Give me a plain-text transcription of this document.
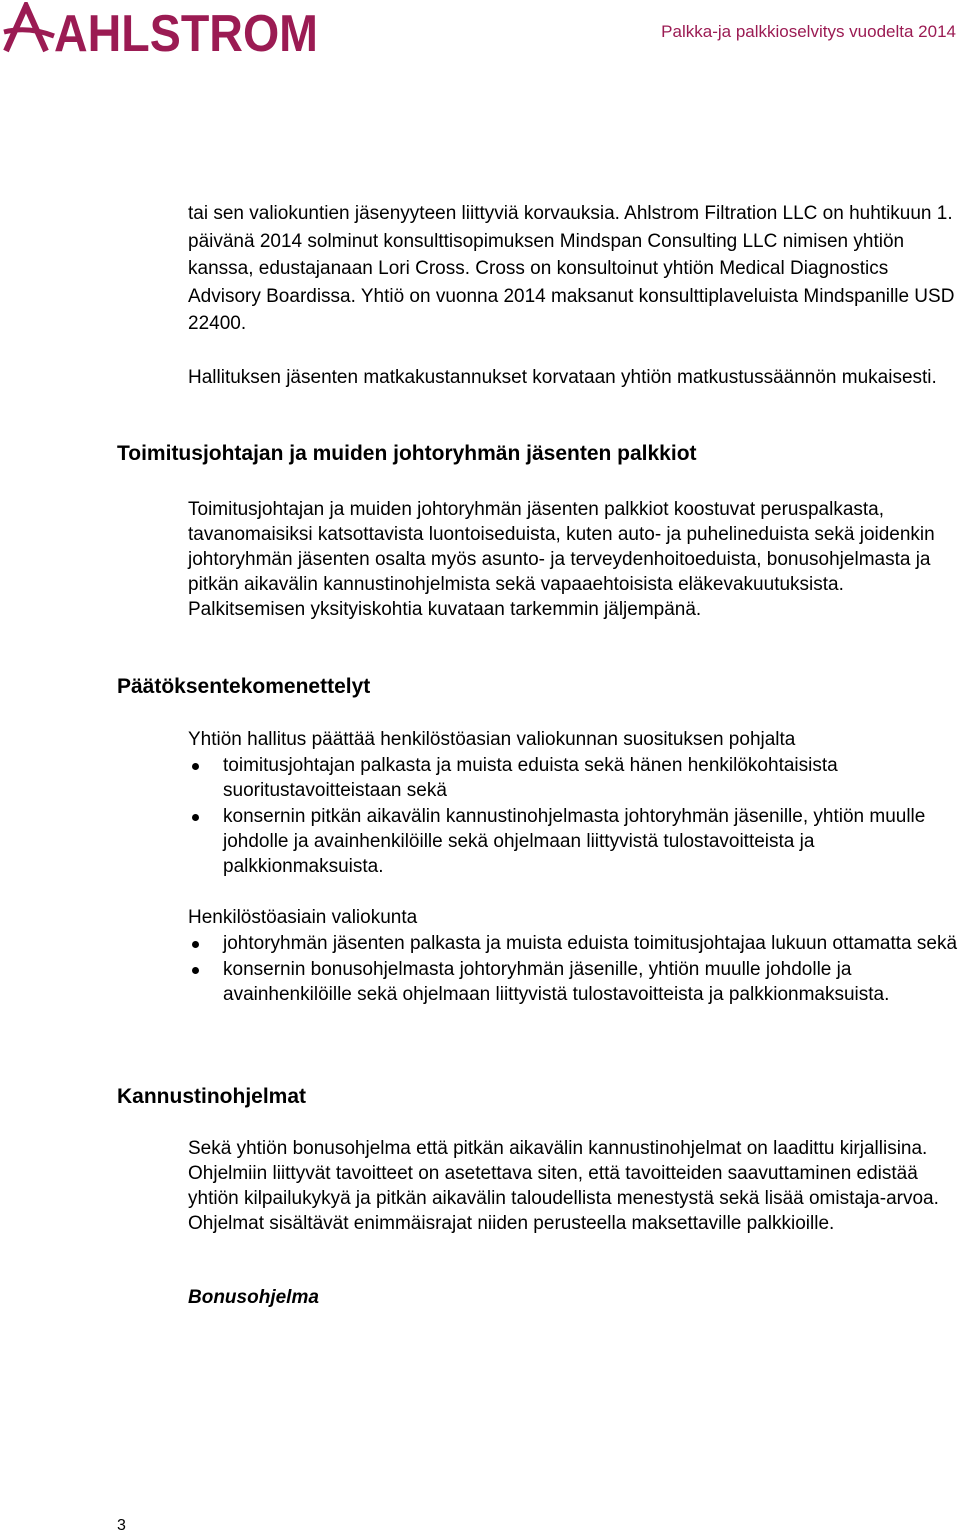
AHLSTROM	Palkka-ja palkkioselvitys vuodelta 2014

tai sen valiokuntien jäsenyyteen liittyviä korvauksia. Ahlstrom Filtration LLC on huhtikuun 1. päivänä 2014 solminut konsulttisopimuksen Mindspan Consulting LLC nimisen yhtiön kanssa, edustajanaan Lori Cross. Cross on konsultoinut yhtiön Medical Diagnostics Advisory Boardissa. Yhtiö on vuonna 2014 maksanut konsulttiplaveluista Mindspanille USD 22400.

Hallituksen jäsenten matkakustannukset korvataan yhtiön matkustussäännön mukaisesti.

Toimitusjohtajan ja muiden johtoryhmän jäsenten palkkiot

Toimitusjohtajan ja muiden johtoryhmän jäsenten palkkiot koostuvat peruspalkasta, tavanomaisiksi katsottavista luontoiseduista, kuten auto- ja puhelineduista sekä joidenkin johtoryhmän jäsenten osalta myös asunto- ja terveydenhoitoeduista, bonusohjelmasta ja pitkän aikavälin kannustinohjelmista sekä vapaaehtoisista eläkevakuutuksista. Palkitsemisen yksityiskohtia kuvataan tarkemmin jäljempänä.

Päätöksentekomenettelyt

Yhtiön hallitus päättää henkilöstöasian valiokunnan suosituksen pohjalta

toimitusjohtajan palkasta ja muista eduista sekä hänen henkilökohtaisista suoritustavoitteistaan sekä
konsernin pitkän aikavälin kannustinohjelmasta johtoryhmän jäsenille, yhtiön muulle johdolle ja avainhenkilöille sekä ohjelmaan liittyvistä tulostavoitteista ja palkkionmaksuista.

Henkilöstöasiain valiokunta

johtoryhmän jäsenten palkasta ja muista eduista toimitusjohtajaa lukuun ottamatta sekä
konsernin bonusohjelmasta johtoryhmän jäsenille, yhtiön muulle johdolle ja avainhenkilöille sekä ohjelmaan liittyvistä tulostavoitteista ja palkkionmaksuista.
Kannustinohjelmat

Sekä yhtiön bonusohjelma että pitkän aikavälin kannustinohjelmat on laadittu kirjallisina. Ohjelmiin liittyvät tavoitteet on asetettava siten, että tavoitteiden saavuttaminen edistää yhtiön kilpailukykyä ja pitkän aikavälin taloudellista menestystä sekä lisää omistaja-arvoa. Ohjelmat sisältävät enimmäisrajat niiden perusteella maksettaville palkkioille.

Bonusohjelma
3
